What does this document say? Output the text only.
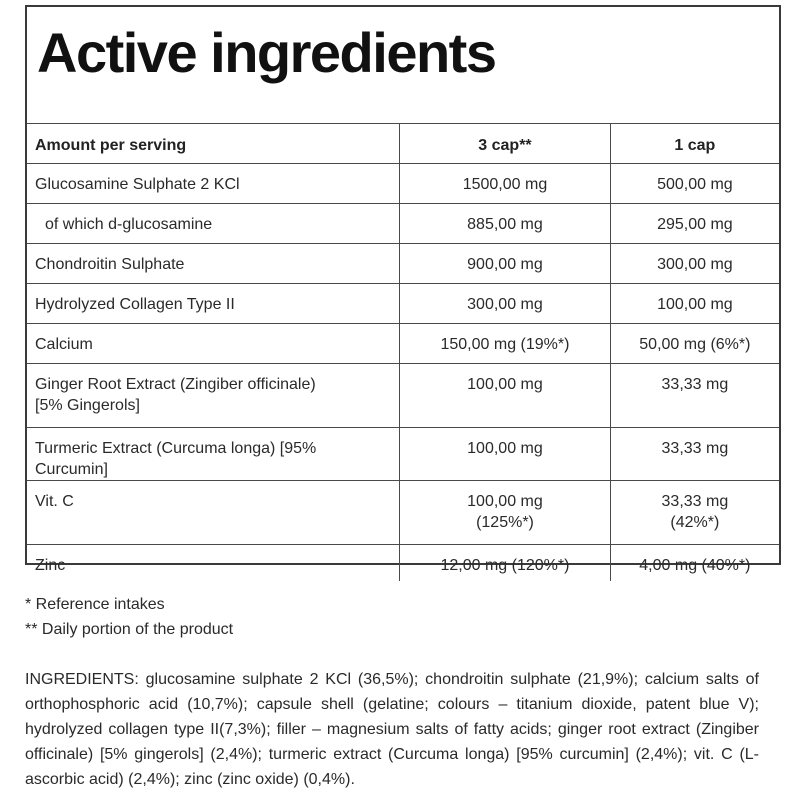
Active ingredients
Amount per serving	3 cap**	1 cap
Glucosamine Sulphate 2 KCl	1500,00 mg	500,00 mg
of which d-glucosamine	885,00 mg	295,00 mg
Chondroitin Sulphate	900,00 mg	300,00 mg
Hydrolyzed Collagen Type II	300,00 mg	100,00 mg
Calcium	150,00 mg (19%*)	50,00 mg (6%*)
Ginger Root Extract (Zingiber officinale) [5% Gingerols]	100,00 mg	33,33 mg
Turmeric Extract (Curcuma longa) [95% Curcumin]	100,00 mg	33,33 mg
Vit. C	100,00 mg (125%*)	33,33 mg (42%*)
Zinc	12,00 mg (120%*)	4,00 mg (40%*)
* Reference intakes
** Daily portion of the product
INGREDIENTS: glucosamine sulphate 2 KCl (36,5%); chondroitin sulphate (21,9%); calcium salts of orthophosphoric acid (10,7%); capsule shell (gelatine; colours – titanium dioxide, patent blue V); hydrolyzed collagen type II(7,3%); filler – magnesium salts of fatty acids; ginger root extract (Zingiber officinale) [5% gingerols] (2,4%); turmeric extract (Curcuma longa) [95% curcumin] (2,4%); vit. C (L-ascorbic acid) (2,4%); zinc (zinc oxide) (0,4%).
